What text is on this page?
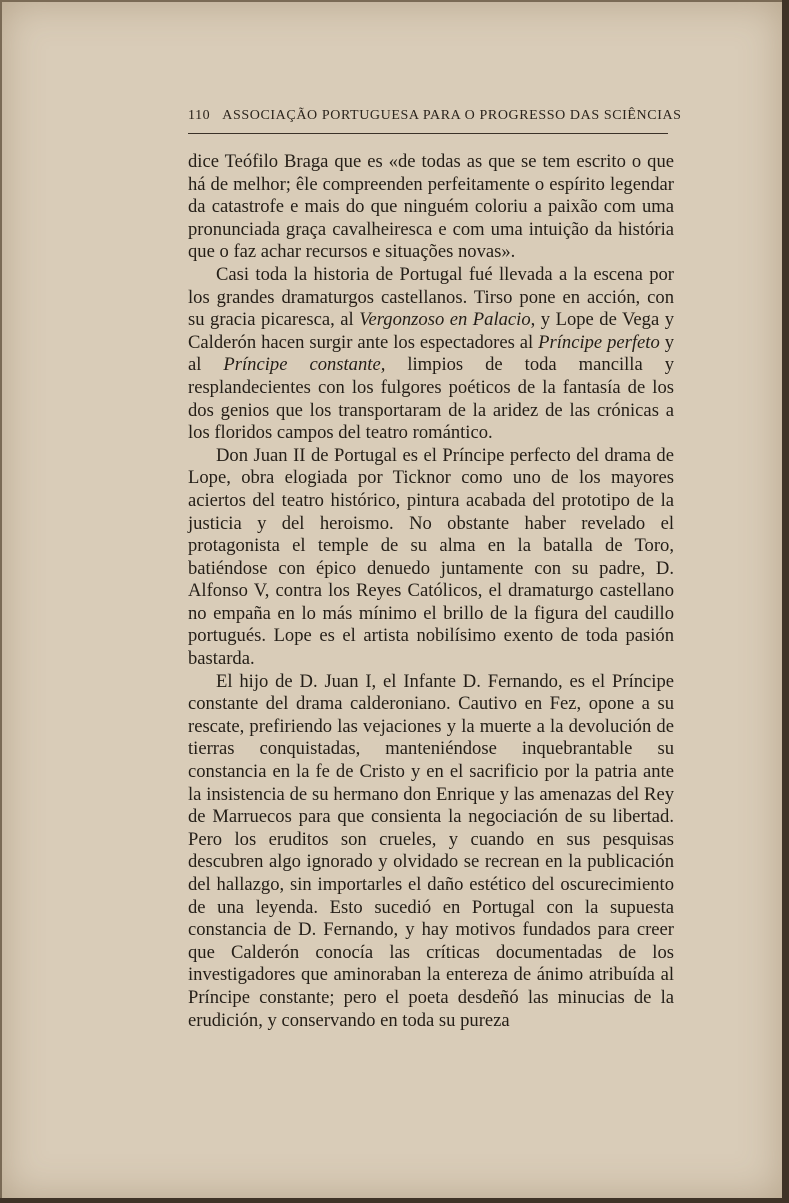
110 ASSOCIAÇÃO PORTUGUESA PARA O PROGRESSO DAS SCIÊNCIAS

dice Teófilo Braga que es «de todas as que se tem escrito o que há de melhor; êle compreenden perfeitamente o espírito legendar da catastrofe e mais do que ninguém coloriu a paixão com uma pronunciada graça cavalheiresca e com uma intuição da história que o faz achar recursos e situações novas».

Casi toda la historia de Portugal fué llevada a la escena por los grandes dramaturgos castellanos. Tirso pone en acción, con su gracia picaresca, al Vergonzoso en Palacio, y Lope de Vega y Calderón hacen surgir ante los espectadores al Príncipe perfeto y al Príncipe constante, limpios de toda mancilla y resplandecientes con los fulgores poéticos de la fantasía de los dos genios que los transportaram de la aridez de las crónicas a los floridos campos del teatro romántico.

Don Juan II de Portugal es el Príncipe perfecto del drama de Lope, obra elogiada por Ticknor como uno de los mayores aciertos del teatro histórico, pintura acabada del prototipo de la justicia y del heroismo. No obstante haber revelado el protagonista el temple de su alma en la batalla de Toro, batiéndose con épico denuedo juntamente con su padre, D. Alfonso V, contra los Reyes Católicos, el dramaturgo castellano no empaña en lo más mínimo el brillo de la figura del caudillo portugués. Lope es el artista nobilísimo exento de toda pasión bastarda.

El hijo de D. Juan I, el Infante D. Fernando, es el Príncipe constante del drama calderoniano. Cautivo en Fez, opone a su rescate, prefiriendo las vejaciones y la muerte a la devolución de tierras conquistadas, manteniéndose inquebrantable su constancia en la fe de Cristo y en el sacrificio por la patria ante la insistencia de su hermano don Enrique y las amenazas del Rey de Marruecos para que consienta la negociación de su libertad. Pero los eruditos son crueles, y cuando en sus pesquisas descubren algo ignorado y olvidado se recrean en la publicación del hallazgo, sin importarles el daño estético del oscurecimiento de una leyenda. Esto sucedió en Portugal con la supuesta constancia de D. Fernando, y hay motivos fundados para creer que Calderón conocía las críticas documentadas de los investigadores que aminoraban la entereza de ánimo atribuída al Príncipe constante; pero el poeta desdeñó las minucias de la erudición, y conservando en toda su pureza
